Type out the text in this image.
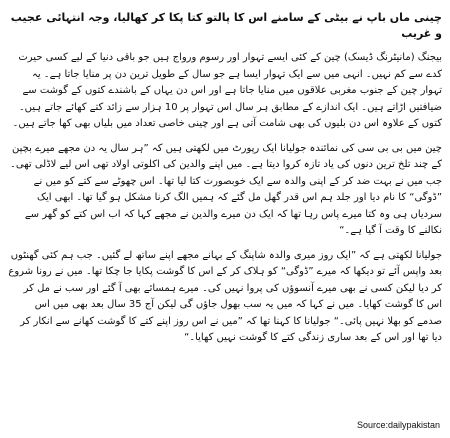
چینی ماں باپ نے بیٹی کے سامنے اس کا پالتو کتا پکا کر کھالیا، وجہ انتہائی عجیب و غریب
بیجنگ (مانیٹرنگ ڈیسک) چین کے کئی ایسے تہوار اور رسوم ورواج ہیں جو باقی دنیا کے لیے کسی حیرت کدے سے کم نہیں۔ انہی میں سے ایک تہوار ایسا ہے جو سال کے طویل ترین دن پر منایا جاتا ہے۔ یہ تہوار چین کے جنوب مغربی علاقوں میں منایا جاتا ہے اور اس دن یہاں کے باشندے کتوں کے گوشت سے ضیافتیں اڑاتے ہیں۔ ایک اندازے کے مطابق ہر سال اس تہوار پر 10 ہزار سے زائد کتے کھائے جاتے ہیں۔ کتوں کے علاوہ اس دن بلیوں کی بھی شامت آتی ہے اور چینی خاصی تعداد میں بلیاں بھی کھا جاتے ہیں۔
چین میں بی بی سی کی نمائندہ جولیانا ایک رپورٹ میں لکھتی ہیں کہ ”ہر سال یہ دن مجھے میرے بچپن کے چند تلخ ترین دنوں کی یاد تازہ کروا دیتا ہے۔ میں اپنے والدین کی اکلوتی اولاد تھی اس لیے لاڈلی تھی۔ جب میں نے بہت ضد کر کے اپنی والدہ سے ایک خوبصورت کتا لیا تھا۔ اس چھوٹے سے کتے کو میں نے ”ڈوگی“ کا نام دیا اور جلد ہم اس قدر گھل مل گئے کہ ہمیں الگ کرنا مشکل ہو گیا تھا۔ ابھی ایک سردیاں ہی وہ کتا میرے پاس رہا تھا کہ ایک دن میرے والدین نے مجھے کہا کہ اب اس کتے کو گھر سے نکالنے کا وقت آ گیا ہے۔“
جولیانا لکھتی ہے کہ ”ایک روز میری والدہ شاپنگ کے بہانے مجھے اپنے ساتھ لے گئیں۔ جب ہم کئی گھنٹوں بعد واپس آئے تو دیکھا کہ میرے ”ڈوگی“ کو ہلاک کر کے اس کا گوشت پکایا جا چکا تھا۔ میں نے رونا شروع کر دیا لیکن کسی نے بھی میرے آنسوؤں کی پروا نہیں کی۔ میرے ہمسائے بھی آ گئے اور سب نے مل کر اس کا گوشت کھایا۔ میں نے کہا کہ میں یہ سب بھول جاؤں گی لیکن آج 35 سال بعد بھی میں اس صدمے کو بھلا نہیں پائی۔“ جولیانا کا کہنا تھا کہ ”میں نے اس روز اپنے کتے کا گوشت کھانے سے انکار کر دیا تھا اور اس کے بعد ساری زندگی کتے کا گوشت نہیں کھایا۔“
Source:dailypakistan
